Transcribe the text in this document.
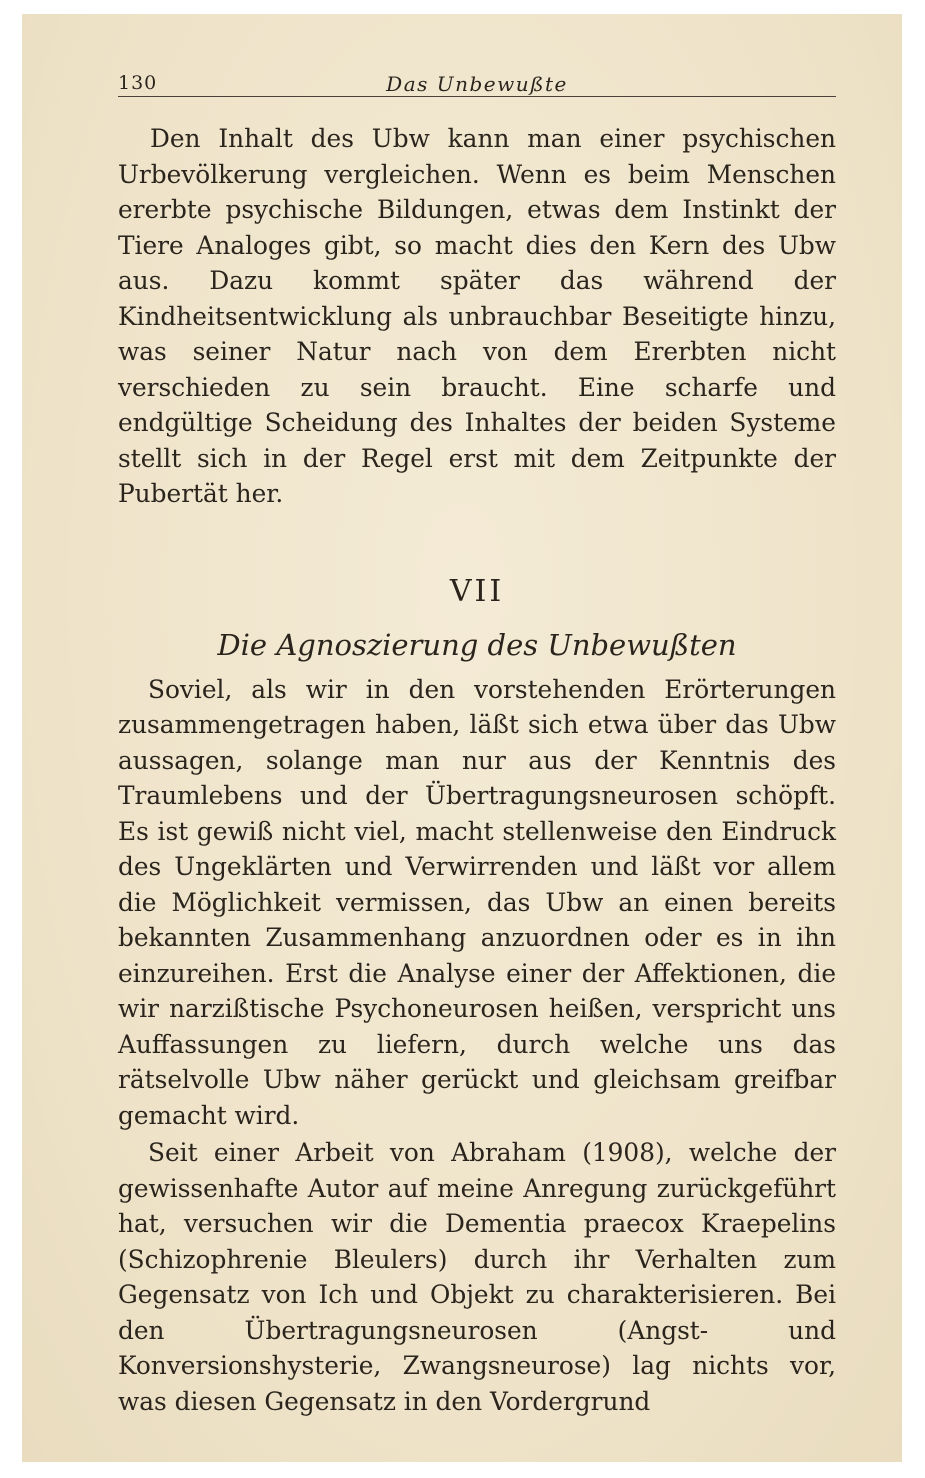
130	Das Unbewußte

Den Inhalt des Ubw kann man einer psychischen Urbevölkerung vergleichen. Wenn es beim Menschen ererbte psychische Bildungen, etwas dem Instinkt der Tiere Analoges gibt, so macht dies den Kern des Ubw aus. Dazu kommt später das während der Kindheitsentwicklung als unbrauchbar Beseitigte hinzu, was seiner Natur nach von dem Ererbten nicht verschieden zu sein braucht. Eine scharfe und endgültige Scheidung des Inhaltes der beiden Systeme stellt sich in der Regel erst mit dem Zeitpunkte der Pubertät her.

VII
Die Agnoszierung des Unbewußten

Soviel, als wir in den vorstehenden Erörterungen zusammengetragen haben, läßt sich etwa über das Ubw aussagen, solange man nur aus der Kenntnis des Traumlebens und der Übertragungsneurosen schöpft. Es ist gewiß nicht viel, macht stellenweise den Eindruck des Ungeklärten und Verwirrenden und läßt vor allem die Möglichkeit vermissen, das Ubw an einen bereits bekannten Zusammenhang anzuordnen oder es in ihn einzureihen. Erst die Analyse einer der Affektionen, die wir narzißtische Psychoneurosen heißen, verspricht uns Auffassungen zu liefern, durch welche uns das rätselvolle Ubw näher gerückt und gleichsam greifbar gemacht wird.

Seit einer Arbeit von Abraham (1908), welche der gewissenhafte Autor auf meine Anregung zurückgeführt hat, versuchen wir die Dementia praecox Kraepelins (Schizophrenie Bleulers) durch ihr Verhalten zum Gegensatz von Ich und Objekt zu charakterisieren. Bei den Übertragungsneurosen (Angst- und Konversionshysterie, Zwangsneurose) lag nichts vor, was diesen Gegensatz in den Vordergrund
